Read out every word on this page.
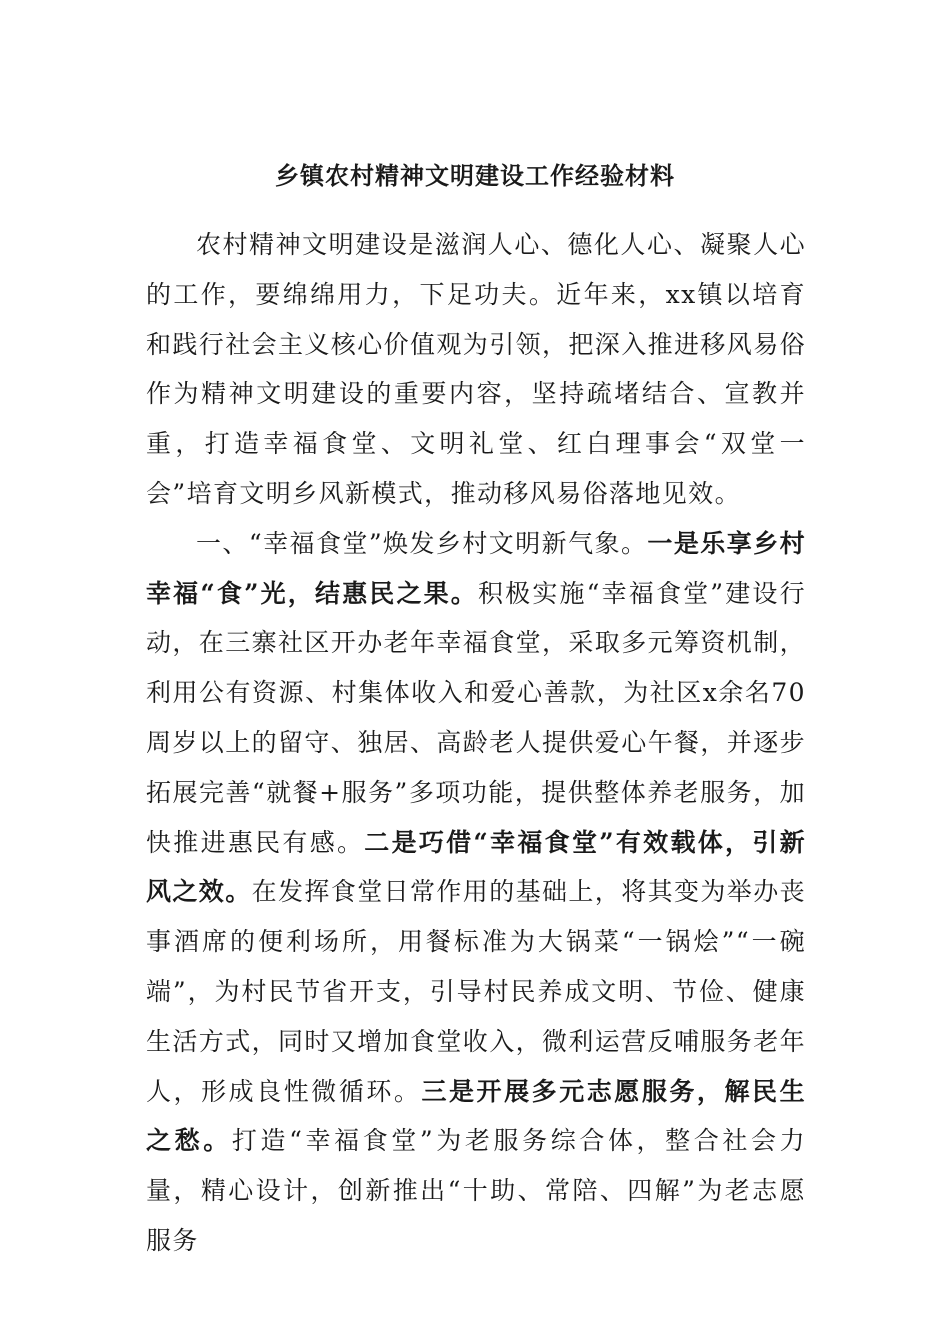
乡镇农村精神文明建设工作经验材料

农村精神文明建设是滋润人心、德化人心、凝聚人心的工作，要绵绵用力，下足功夫。近年来，xx镇以培育和践行社会主义核心价值观为引领，把深入推进移风易俗作为精神文明建设的重要内容，坚持疏堵结合、宣教并重，打造幸福食堂、文明礼堂、红白理事会“双堂一会”培育文明乡风新模式，推动移风易俗落地见效。

一、“幸福食堂”焕发乡村文明新气象。一是乐享乡村幸福“食”光，结惠民之果。积极实施“幸福食堂”建设行动，在三寨社区开办老年幸福食堂，采取多元筹资机制，利用公有资源、村集体收入和爱心善款，为社区x余名70周岁以上的留守、独居、高龄老人提供爱心午餐，并逐步拓展完善“就餐+服务”多项功能，提供整体养老服务，加快推进惠民有感。二是巧借“幸福食堂”有效载体，引新风之效。在发挥食堂日常作用的基础上，将其变为举办丧事酒席的便利场所，用餐标准为大锅菜“一锅烩”“一碗端”，为村民节省开支，引导村民养成文明、节俭、健康生活方式，同时又增加食堂收入，微利运营反哺服务老年人，形成良性微循环。三是开展多元志愿服务，解民生之愁。打造“幸福食堂”为老服务综合体，整合社会力量，精心设计，创新推出“十助、常陪、四解”为老志愿服务
